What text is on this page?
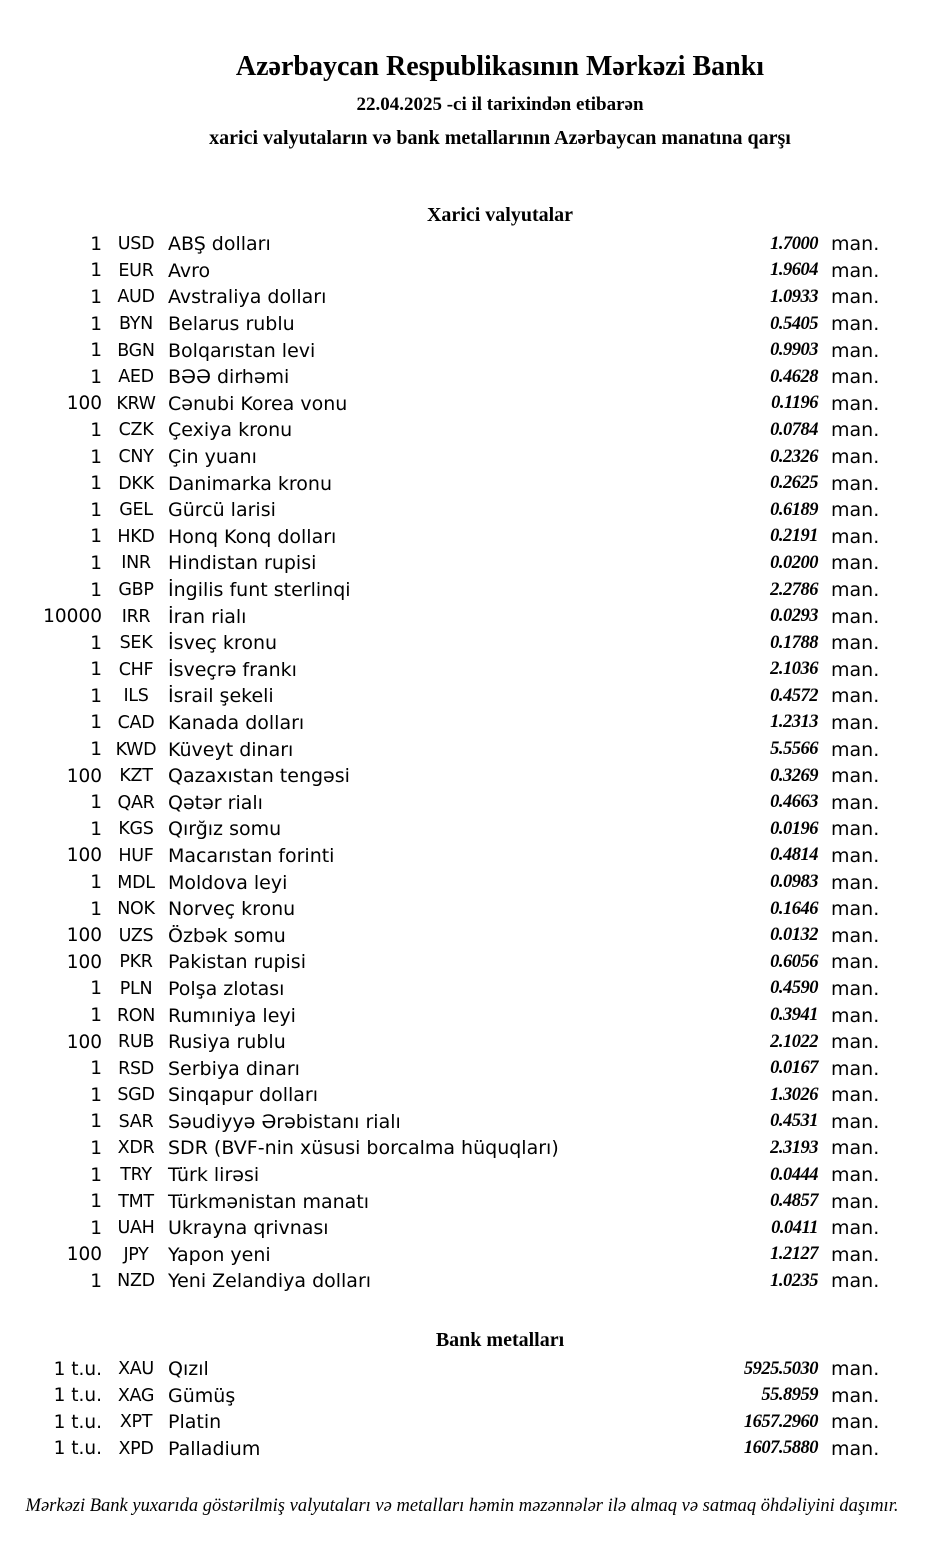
Azərbaycan Respublikasının Mərkəzi Bankı
22.04.2025 -ci il tarixindən etibarən
xarici valyutaların və bank metallarının Azərbaycan manatına qarşı
Xarici valyutalar
1 USD ABŞ dolları	1.7000 man.
1 EUR Avro	1.9604 man.
1 AUD Avstraliya dolları	1.0933 man.
1 BYN Belarus rublu	0.5405 man.
1 BGN Bolqarıstan levi	0.9903 man.
1 AED BƏƏ dirhəmi	0.4628 man.
100 KRW Cənubi Korea vonu	0.1196 man.
1 CZK Çexiya kronu	0.0784 man.
1 CNY Çin yuanı	0.2326 man.
1 DKK Danimarka kronu	0.2625 man.
1 GEL Gürcü larisi	0.6189 man.
1 HKD Honq Konq dolları	0.2191 man.
1	INR Hindistan rupisi	0.0200 man.
1 GBP İngilis funt sterlinqi	2.2786 man.
10000	IRR İran rialı	0.0293 man.
1	SEK İsveç kronu	0.1788 man.
1 CHF İsveçrə frankı	2.1036 man.
1	ILS	İsrail şekeli	0.4572 man.
1 CAD Kanada dolları	1.2313 man.
1 KWD Küveyt dinarı	5.5566 man.
100 KZT Qazaxıstan tengəsi	0.3269 man.
1 QAR Qətər rialı	0.4663 man.
1 KGS Qırğız somu	0.0196 man.
100 HUF Macarıstan forinti	0.4814 man.
1 MDL Moldova leyi	0.0983 man.
1 NOK Norveç kronu	0.1646 man.
100 UZS Özbək somu	0.0132 man.
100 PKR Pakistan rupisi	0.6056 man.
1	PLN Polşa zlotası	0.4590 man.
1 RON Rumıniya leyi	0.3941 man.
100 RUB Rusiya rublu	2.1022 man.
1 RSD Serbiya dinarı	0.0167 man.
1 SGD Sinqapur dolları	1.3026 man.
1 SAR Səudiyyə Ərəbistanı rialı	0.4531 man.
1 XDR SDR (BVF-nin xüsusi borcalma hüquqları)	2.3193 man.
1	TRY Türk lirəsi	0.0444 man.
1 TMT Türkmənistan manatı	0.4857 man.
1 UAH Ukrayna qrivnası	0.0411 man.
100	JPY	Yapon yeni	1.2127 man.
1 NZD Yeni Zelandiya dolları	1.0235 man.
Bank metalları
1 t.u. XAU Qızıl	5925.5030 man.
1 t.u. XAG Gümüş	55.8959 man.
1 t.u.	XPT Platin	1657.2960 man.
1 t.u. XPD Palladium	1607.5880 man.
Mərkəzi Bank yuxarıda göstərilmiş valyutaları və metalları həmin məzənnələr ilə almaq və satmaq öhdəliyini daşımır.
